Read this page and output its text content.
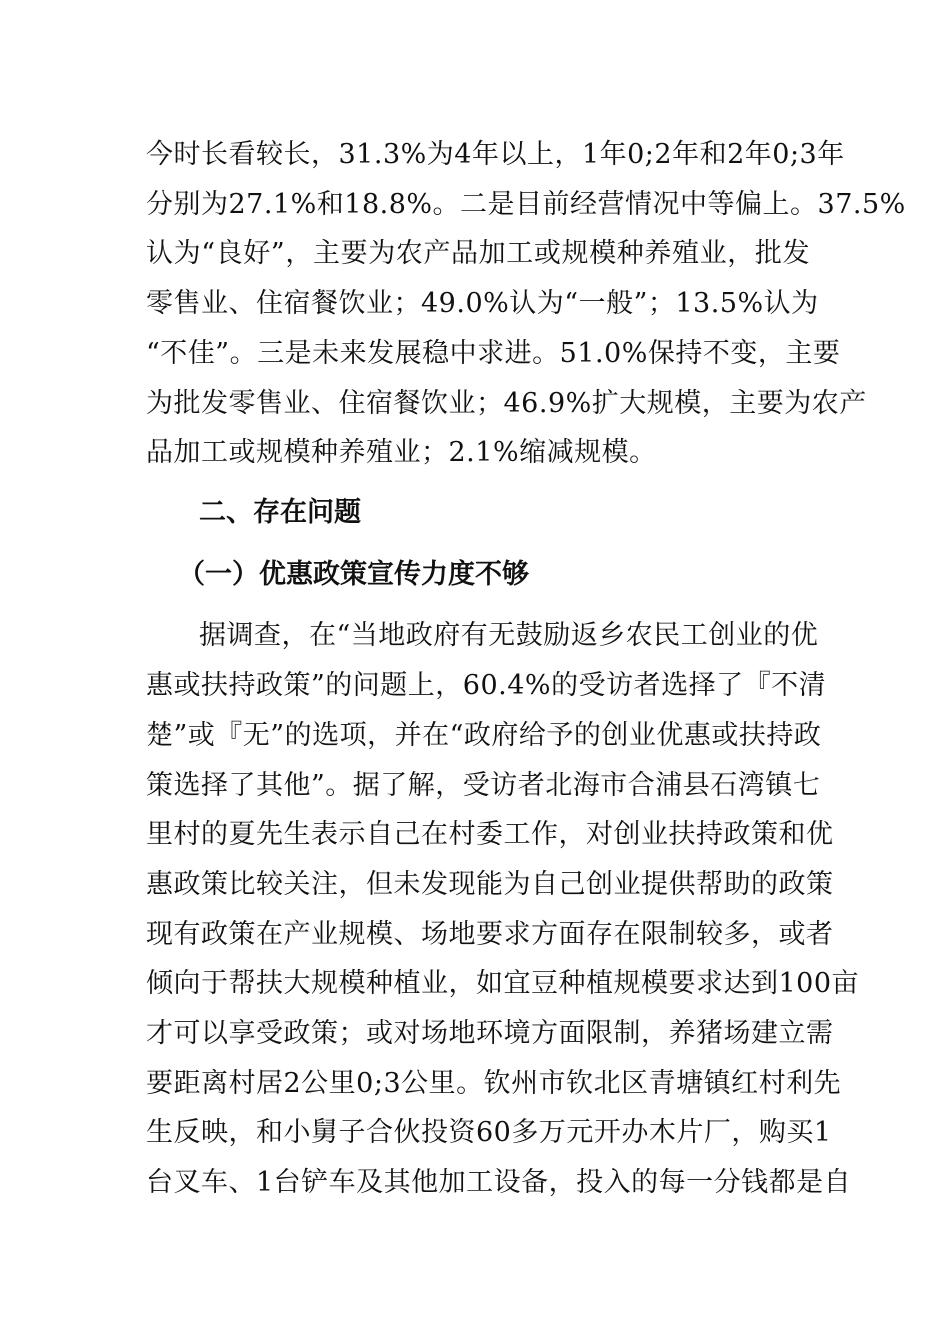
今时长看较长，31.3%为4年以上，1年0;2年和2年0;3年
分别为27.1%和18.8%。二是目前经营情况中等偏上。37.5%
认为“良好”，主要为农产品加工或规模种养殖业，批发
零售业、住宿餐饮业；49.0%认为“一般”；13.5%认为
“不佳”。三是未来发展稳中求进。51.0%保持不变，主要
为批发零售业、住宿餐饮业；46.9%扩大规模，主要为农产
品加工或规模种养殖业；2.1%缩减规模。
二、存在问题
（一）优惠政策宣传力度不够
据调查，在“当地政府有无鼓励返乡农民工创业的优
惠或扶持政策”的问题上，60.4%的受访者选择了『不清
楚”或『无”的选项，并在“政府给予的创业优惠或扶持政
策选择了其他”。据了解，受访者北海市合浦县石湾镇七
里村的夏先生表示自己在村委工作，对创业扶持政策和优
惠政策比较关注，但未发现能为自己创业提供帮助的政策
现有政策在产业规模、场地要求方面存在限制较多，或者
倾向于帮扶大规模种植业，如宜豆种植规模要求达到100亩
才可以享受政策；或对场地环境方面限制，养猪场建立需
要距离村居2公里0;3公里。钦州市钦北区青塘镇红村利先
生反映，和小舅子合伙投资60多万元开办木片厂，购买1
台叉车、1台铲车及其他加工设备，投入的每一分钱都是自
